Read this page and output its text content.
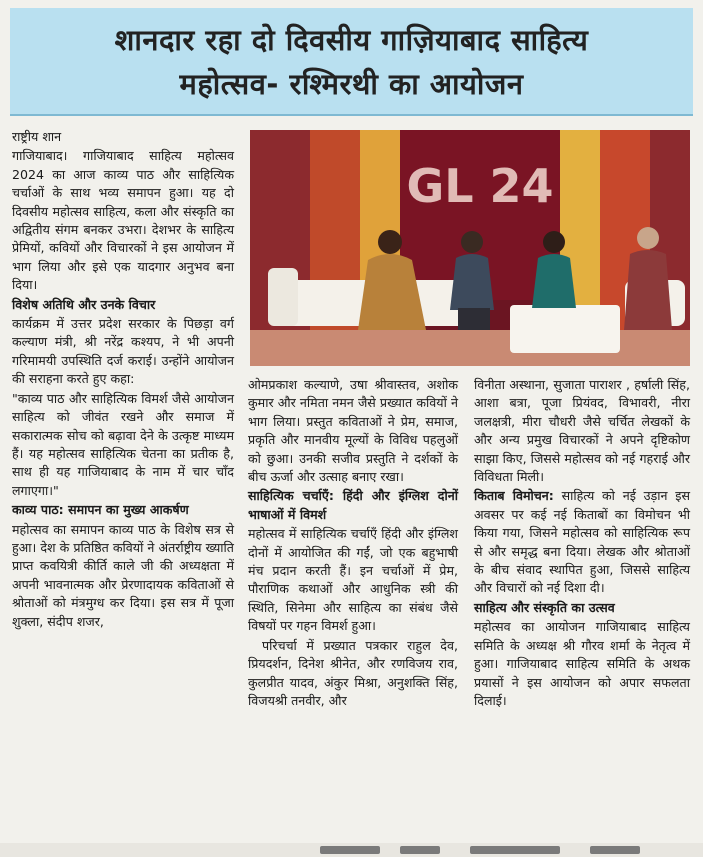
शानदार रहा दो दिवसीय गाज़ियाबाद साहित्य
महोत्सव- रश्मिरथी का आयोजन

राष्ट्रीय शान

गाजियाबाद। गाजियाबाद साहित्य महोत्सव 2024 का आज काव्य पाठ और साहित्यिक चर्चाओं के साथ भव्य समापन हुआ। यह दो दिवसीय महोत्सव साहित्य, कला और संस्कृति का अद्वितीय संगम बनकर उभरा। देशभर के साहित्य प्रेमियों, कवियों और विचारकों ने इस आयोजन में भाग लिया और इसे एक यादगार अनुभव बना दिया।

विशेष अतिथि और उनके विचार

कार्यक्रम में उत्तर प्रदेश सरकार के पिछड़ा वर्ग कल्याण मंत्री, श्री नरेंद्र कश्यप, ने भी अपनी गरिमामयी उपस्थिति दर्ज कराई। उन्होंने आयोजन की सराहना करते हुए कहा:

"काव्य पाठ और साहित्यिक विमर्श जैसे आयोजन साहित्य को जीवंत रखने और समाज में सकारात्मक सोच को बढ़ावा देने के उत्कृष्ट माध्यम हैं। यह महोत्सव साहित्यिक चेतना का प्रतीक है, साथ ही यह गाजियाबाद के नाम में चार चाँद लगाएगा।"

काव्य पाठ: समापन का मुख्य आकर्षण

महोत्सव का समापन काव्य पाठ के विशेष सत्र से हुआ। देश के प्रतिष्ठित कवियों ने अंतर्राष्ट्रीय ख्याति प्राप्त कवयित्री कीर्ति काले जी की अध्यक्षता में अपनी भावनात्मक और प्रेरणादायक कविताओं से श्रोताओं को मंत्रमुग्ध कर दिया। इस सत्र में पूजा शुक्ला, संदीप शजर,

GL 24

ओमप्रकाश कल्याणे, उषा श्रीवास्तव, अशोक कुमार और नमिता नमन जैसे प्रख्यात कवियों ने भाग लिया। प्रस्तुत कविताओं ने प्रेम, समाज, प्रकृति और मानवीय मूल्यों के विविध पहलुओं को छुआ। उनकी सजीव प्रस्तुति ने दर्शकों के बीच ऊर्जा और उत्साह बनाए रखा।

साहित्यिक चर्चाएँ: हिंदी और इंग्लिश दोनों भाषाओं में विमर्श

महोत्सव में साहित्यिक चर्चाएँ हिंदी और इंग्लिश दोनों में आयोजित की गईं, जो एक बहुभाषी मंच प्रदान करती हैं। इन चर्चाओं में प्रेम, पौराणिक कथाओं और आधुनिक स्त्री की स्थिति, सिनेमा और साहित्य का संबंध जैसे विषयों पर गहन विमर्श हुआ।

परिचर्चा में प्रख्यात पत्रकार राहुल देव, प्रियदर्शन, दिनेश श्रीनेत, और रणविजय राव, कुलप्रीत यादव, अंकुर मिश्रा, अनुशक्ति सिंह, विजयश्री तनवीर, और

विनीता अस्थाना, सुजाता पाराशर , हर्षाली सिंह, आशा बत्रा, पूजा प्रियंवद, विभावरी, नीरा जलक्षत्री, मीरा चौधरी जैसे चर्चित लेखकों के और अन्य प्रमुख विचारकों ने अपने दृष्टिकोण साझा किए, जिससे महोत्सव को नई गहराई और विविधता मिली।

किताब विमोचन: साहित्य को नई उड़ान इस अवसर पर कई नई किताबों का विमोचन भी किया गया, जिसने महोत्सव को साहित्यिक रूप से और समृद्ध बना दिया। लेखक और श्रोताओं के बीच संवाद स्थापित हुआ, जिससे साहित्य और विचारों को नई दिशा दी।

साहित्य और संस्कृति का उत्सव

महोत्सव का आयोजन गाजियाबाद साहित्य समिति के अध्यक्ष श्री गौरव शर्मा के नेतृत्व में हुआ। गाजियाबाद साहित्य समिति के अथक प्रयासों ने इस आयोजन को अपार सफलता दिलाई।
